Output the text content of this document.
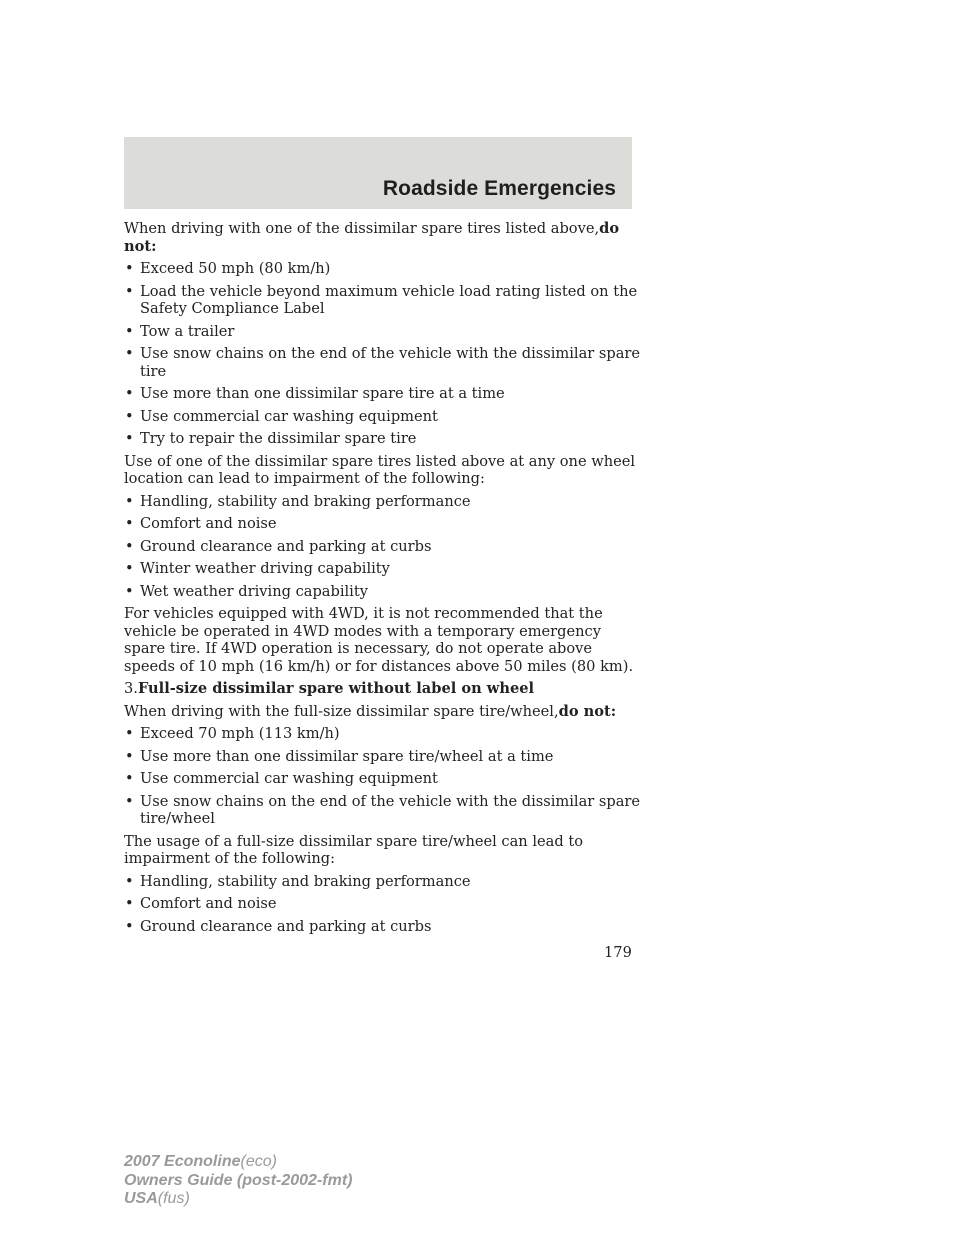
Roadside Emergencies

When driving with one of the dissimilar spare tires listed above,do not:

• Exceed 50 mph (80 km/h)
• Load the vehicle beyond maximum vehicle load rating listed on the Safety Compliance Label
• Tow a trailer
• Use snow chains on the end of the vehicle with the dissimilar spare tire
• Use more than one dissimilar spare tire at a time
• Use commercial car washing equipment
• Try to repair the dissimilar spare tire

Use of one of the dissimilar spare tires listed above at any one wheel location can lead to impairment of the following:

• Handling, stability and braking performance
• Comfort and noise
• Ground clearance and parking at curbs
• Winter weather driving capability
• Wet weather driving capability

For vehicles equipped with 4WD, it is not recommended that the vehicle be operated in 4WD modes with a temporary emergency spare tire. If 4WD operation is necessary, do not operate above speeds of 10 mph (16 km/h) or for distances above 50 miles (80 km).

3.Full-size dissimilar spare without label on wheel

When driving with the full-size dissimilar spare tire/wheel,do not:

• Exceed 70 mph (113 km/h)
• Use more than one dissimilar spare tire/wheel at a time
• Use commercial car washing equipment
• Use snow chains on the end of the vehicle with the dissimilar spare tire/wheel

The usage of a full-size dissimilar spare tire/wheel can lead to impairment of the following:

• Handling, stability and braking performance
• Comfort and noise
• Ground clearance and parking at curbs
179
2007 Econoline(eco)
Owners Guide (post-2002-fmt)
USA(fus)
